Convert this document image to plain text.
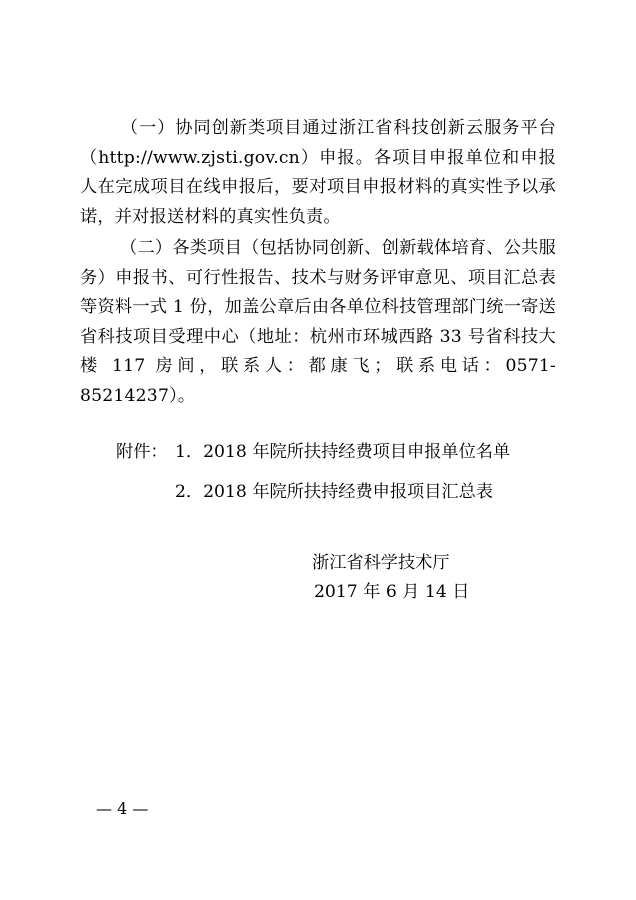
（一）协同创新类项目通过浙江省科技创新云服务平台（http://www.zjsti.gov.cn）申报。各项目申报单位和申报人在完成项目在线申报后，要对项目申报材料的真实性予以承诺，并对报送材料的真实性负责。

（二）各类项目（包括协同创新、创新载体培育、公共服务）申报书、可行性报告、技术与财务评审意见、项目汇总表等资料一式 1 份，加盖公章后由各单位科技管理部门统一寄送省科技项目受理中心（地址：杭州市环城西路 33 号省科技大楼 117 房间，联系人：都康飞；联系电话：0571- 85214237）。

附件： 1．2018 年院所扶持经费项目申报单位名单
2．2018 年院所扶持经费申报项目汇总表
浙江省科学技术厅
2017 年 6 月 14 日
— 4 —
